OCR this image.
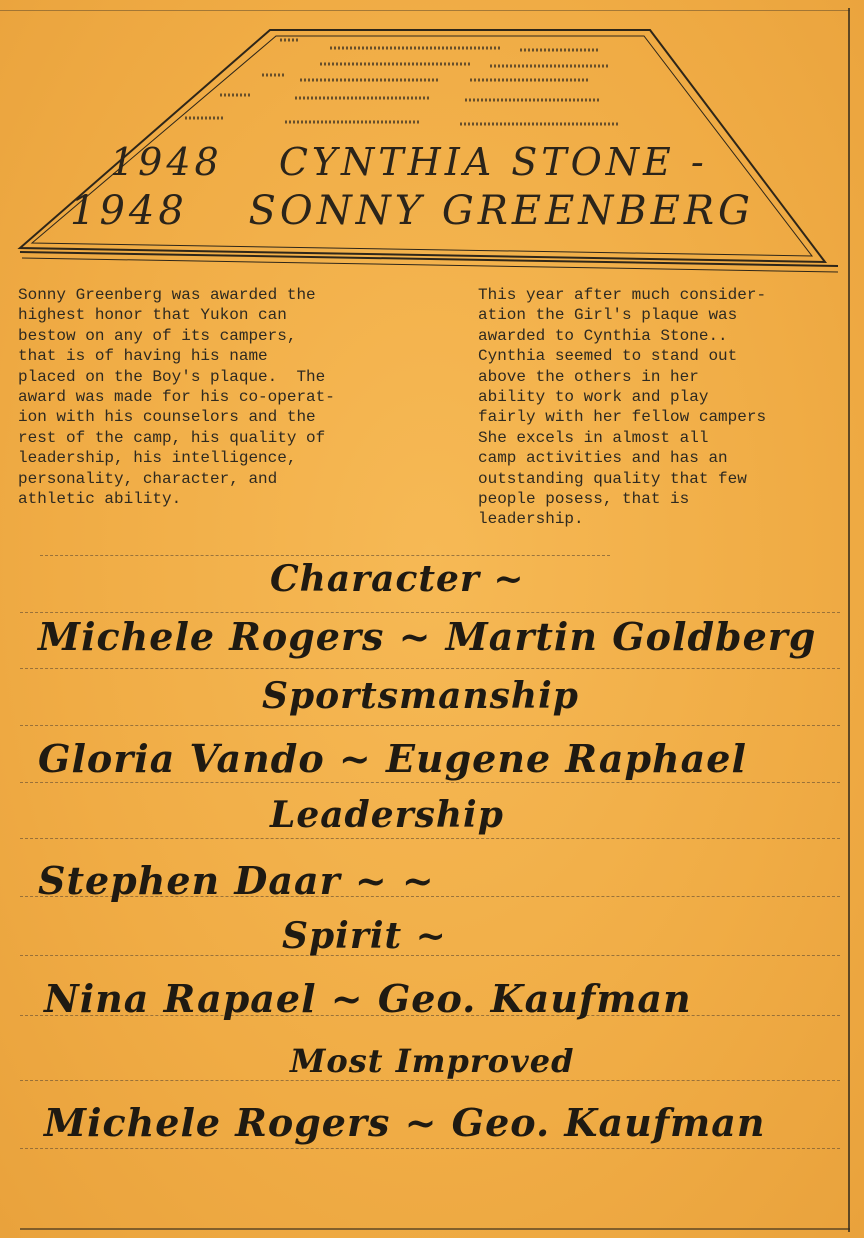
1948 CYNTHIA STONE -
1948 SONNY GREENBERG
Sonny Greenberg was awarded the
highest honor that Yukon can
bestow on any of its campers,
that is of having his name
placed on the Boy's plaque.  The
award was made for his co-operat-
ion with his counselors and the
rest of the camp, his quality of
leadership, his intelligence,
personality, character, and
athletic ability.
This year after much consider-
ation the Girl's plaque was
awarded to Cynthia Stone..
Cynthia seemed to stand out
above the others in her
ability to work and play
fairly with her fellow campers
She excels in almost all
camp activities and has an
outstanding quality that few
people posess, that is
leadership.
Character ~
Michele Rogers ~ Martin Goldberg
Sportsmanship
Gloria Vando ~ Eugene Raphael
Leadership
Stephen Daar ~ ~
Spirit ~
Nina Rapael ~ Geo. Kaufman
Most Improved
Michele Rogers ~ Geo. Kaufman
